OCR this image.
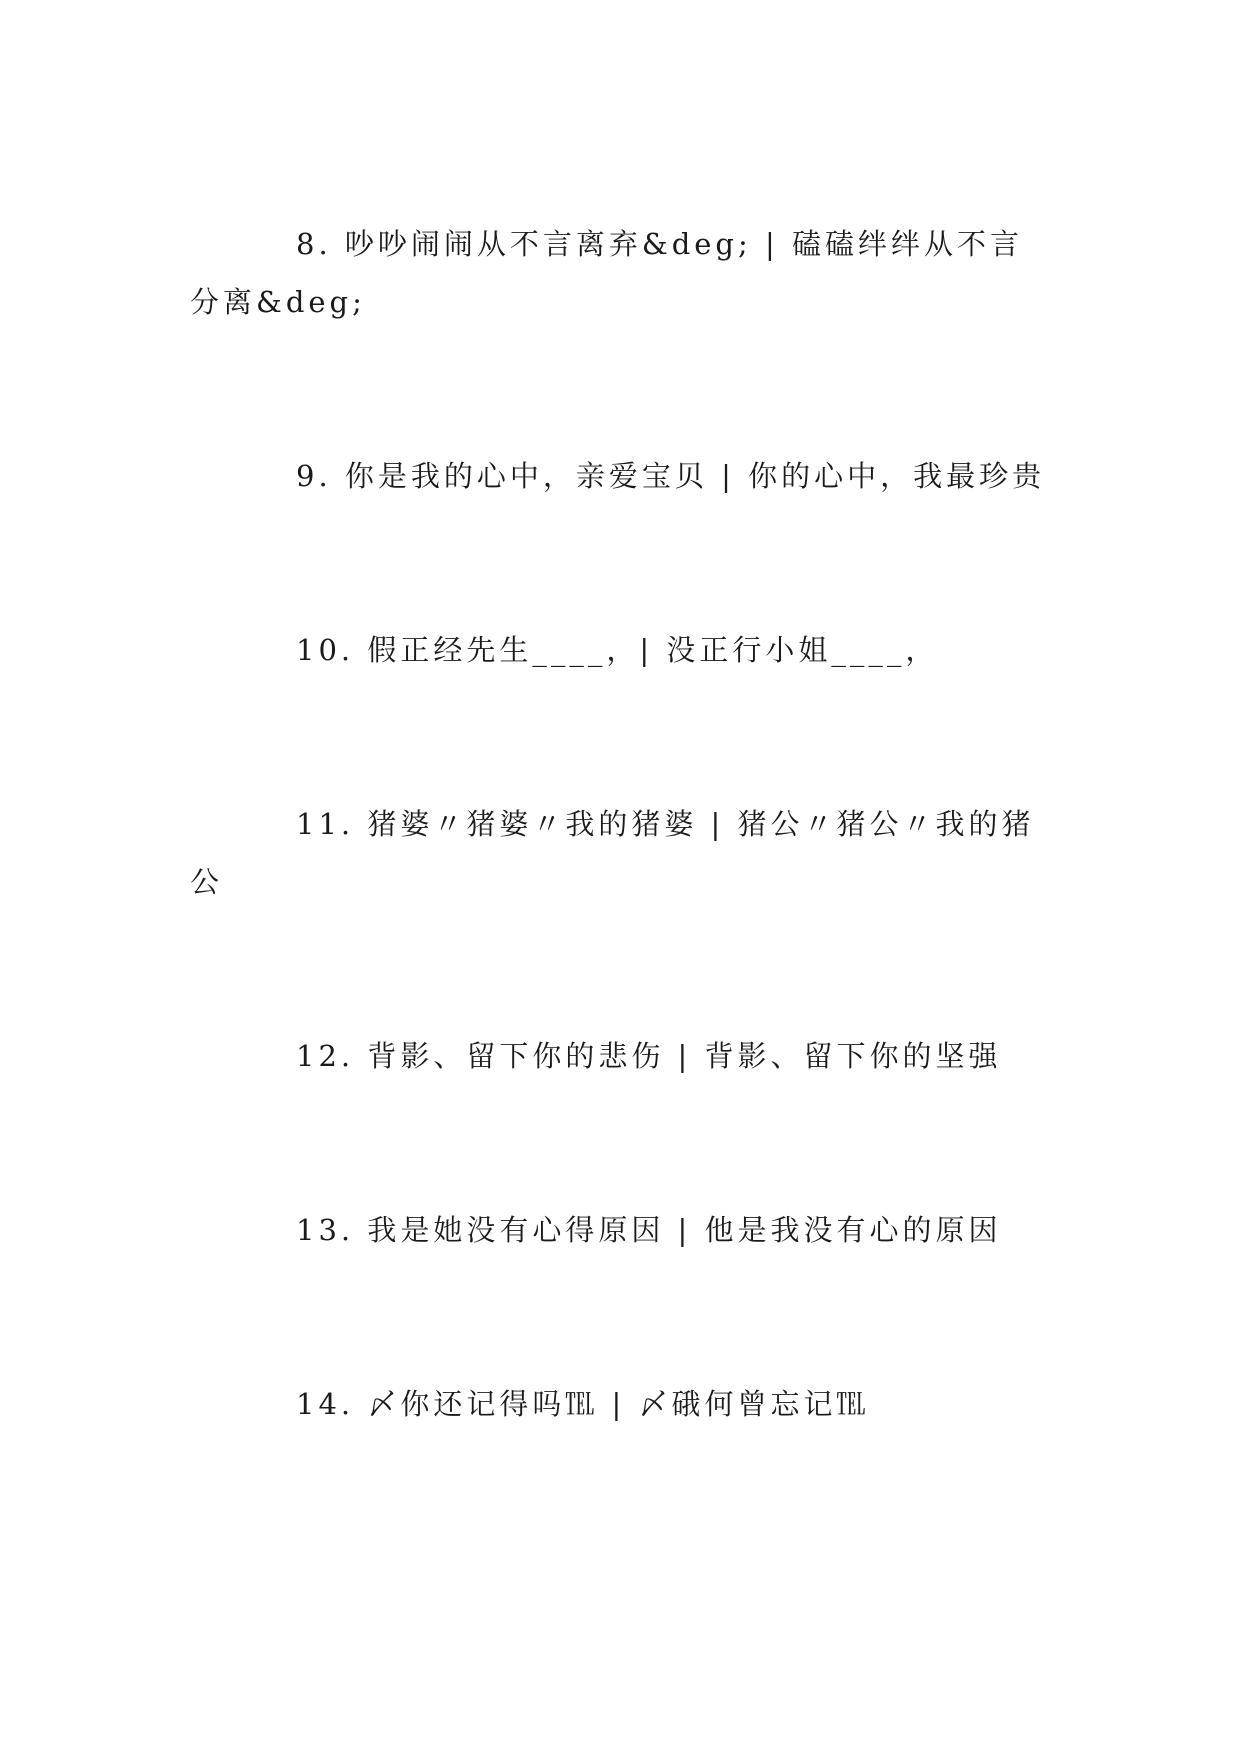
8. 吵吵闹闹从不言离弃&deg; | 磕磕绊绊从不言分离&deg;

9. 你是我的心中，亲爱宝贝 | 你的心中，我最珍贵

10. 假正经先生____，| 没正行小姐____，

11. 猪婆〃猪婆〃我的猪婆 | 猪公〃猪公〃我的猪公

12. 背影、留下你的悲伤 | 背影、留下你的坚强

13. 我是她没有心得原因 | 他是我没有心的原因

14. 〆你还记得吗℡ | 〆硪何曾忘记℡
